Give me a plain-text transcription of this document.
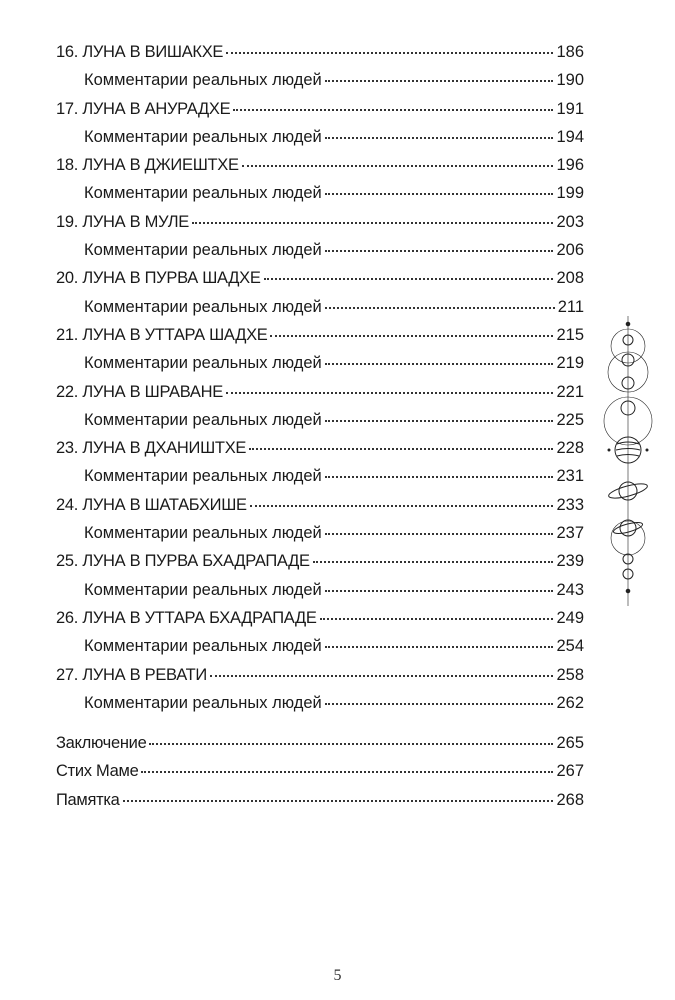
16. ЛУНА В ВИШАКХЕ	186
Комментарии реальных людей	190
17. ЛУНА В АНУРАДХЕ	191
Комментарии реальных людей	194
18. ЛУНА В ДЖИЕШТХЕ	196
Комментарии реальных людей	199
19. ЛУНА В МУЛЕ	203
Комментарии реальных людей	206
20. ЛУНА В ПУРВА ШАДХЕ	208
Комментарии реальных людей	211
21. ЛУНА В УТТАРА ШАДХЕ	215
Комментарии реальных людей	219
22. ЛУНА В ШРАВАНЕ	221
Комментарии реальных людей	225
23. ЛУНА В ДХАНИШТХЕ	228
Комментарии реальных людей	231
24. ЛУНА В ШАТАБХИШЕ	233
Комментарии реальных людей	237
25. ЛУНА В ПУРВА БХАДРАПАДЕ	239
Комментарии реальных людей	243
26. ЛУНА В УТТАРА БХАДРАПАДЕ	249
Комментарии реальных людей	254
27. ЛУНА В РЕВАТИ	258
Комментарии реальных людей	262
Заключение	265
Стих Маме	267
Памятка	268
5
